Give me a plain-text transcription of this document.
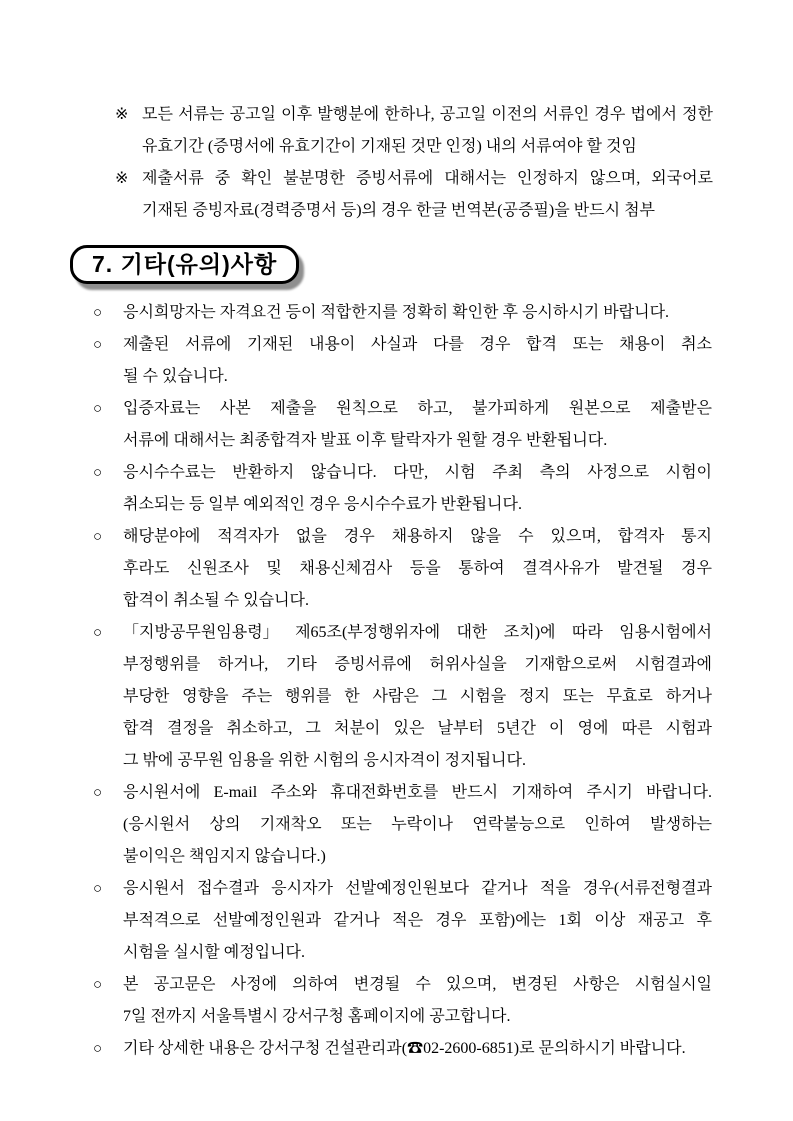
※ 모든 서류는 공고일 이후 발행분에 한하나, 공고일 이전의 서류인 경우 법에서 정한
유효기간 (증명서에 유효기간이 기재된 것만 인정) 내의 서류여야 할 것임
※ 제출서류 중 확인 불분명한 증빙서류에 대해서는 인정하지 않으며, 외국어로
기재된 증빙자료(경력증명서 등)의 경우 한글 번역본(공증필)을 반드시 첨부
7. 기타(유의)사항
○	응시희망자는 자격요건 등이 적합한지를 정확히 확인한 후 응시하시기 바랍니다.
○	제출된 서류에 기재된 내용이 사실과 다를 경우 합격 또는 채용이 취소
될 수 있습니다.
○	입증자료는 사본 제출을 원칙으로 하고, 불가피하게 원본으로 제출받은
서류에 대해서는 최종합격자 발표 이후 탈락자가 원할 경우 반환됩니다.
○	응시수수료는 반환하지 않습니다. 다만, 시험 주최 측의 사정으로 시험이
취소되는 등 일부 예외적인 경우 응시수수료가 반환됩니다.
○	해당분야에 적격자가 없을 경우 채용하지 않을 수 있으며, 합격자 통지
후라도 신원조사 및 채용신체검사 등을 통하여 결격사유가 발견될 경우
합격이 취소될 수 있습니다.
○	「지방공무원임용령」 제65조(부정행위자에 대한 조치)에 따라 임용시험에서
부정행위를 하거나, 기타 증빙서류에 허위사실을 기재함으로써 시험결과에
부당한 영향을 주는 행위를 한 사람은 그 시험을 정지 또는 무효로 하거나
합격 결정을 취소하고, 그 처분이 있은 날부터 5년간 이 영에 따른 시험과
그 밖에 공무원 임용을 위한 시험의 응시자격이 정지됩니다.
○	응시원서에 E-mail 주소와 휴대전화번호를 반드시 기재하여 주시기 바랍니다.
(응시원서 상의 기재착오 또는 누락이나 연락불능으로 인하여 발생하는
불이익은 책임지지 않습니다.)
○	응시원서 접수결과 응시자가 선발예정인원보다 같거나 적을 경우(서류전형결과
부적격으로 선발예정인원과 같거나 적은 경우 포함)에는 1회 이상 재공고 후
시험을 실시할 예정입니다.
○	본 공고문은 사정에 의하여 변경될 수 있으며, 변경된 사항은 시험실시일
7일 전까지 서울특별시 강서구청 홈페이지에 공고합니다.
○	기타 상세한 내용은 강서구청 건설관리과(☎02-2600-6851)로 문의하시기 바랍니다.
